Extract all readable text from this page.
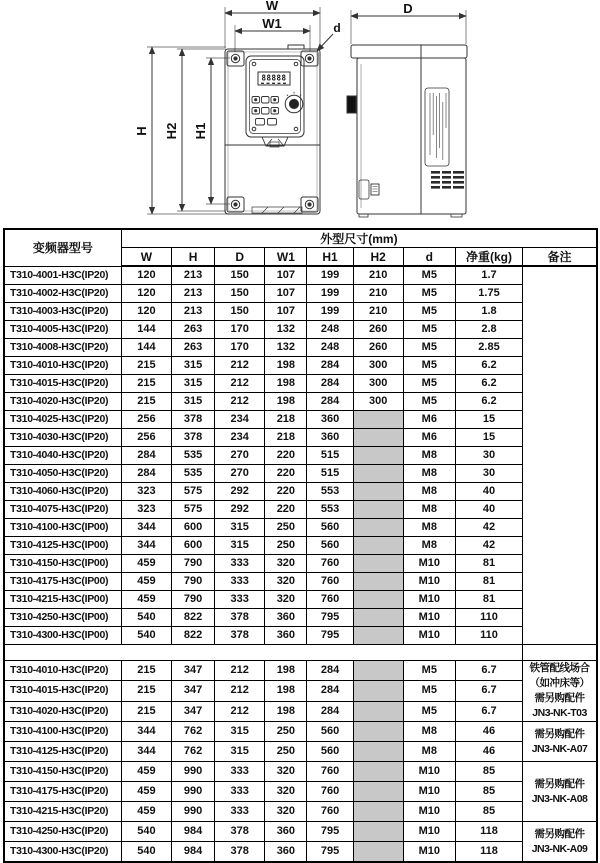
W
W1	d
H H2 H1
88888
D
变频器型号	外型尺寸(mm)								
	W	H	D	W1	H1	H2	d	净重(kg)	备注
T310-4001-H3C(IP20)	120	213	150	107	199	210	M5	1.7	
T310-4002-H3C(IP20)	120	213	150	107	199	210	M5	1.75	
T310-4003-H3C(IP20)	120	213	150	107	199	210	M5	1.8	
T310-4005-H3C(IP20)	144	263	170	132	248	260	M5	2.8	
T310-4008-H3C(IP20)	144	263	170	132	248	260	M5	2.85	
T310-4010-H3C(IP20)	215	315	212	198	284	300	M5	6.2	
T310-4015-H3C(IP20)	215	315	212	198	284	300	M5	6.2	
T310-4020-H3C(IP20)	215	315	212	198	284	300	M5	6.2	
T310-4025-H3C(IP20)	256	378	234	218	360		M6	15	
T310-4030-H3C(IP20)	256	378	234	218	360		M6	15	
T310-4040-H3C(IP20)	284	535	270	220	515		M8	30	
T310-4050-H3C(IP20)	284	535	270	220	515		M8	30	
T310-4060-H3C(IP20)	323	575	292	220	553		M8	40	
T310-4075-H3C(IP20)	323	575	292	220	553		M8	40	
T310-4100-H3C(IP00)	344	600	315	250	560		M8	42	
T310-4125-H3C(IP00)	344	600	315	250	560		M8	42	
T310-4150-H3C(IP00)	459	790	333	320	760		M10	81	
T310-4175-H3C(IP00)	459	790	333	320	760		M10	81	
T310-4215-H3C(IP00)	459	790	333	320	760		M10	81	
T310-4250-H3C(IP00)	540	822	378	360	795		M10	110	
T310-4300-H3C(IP00)	540	822	378	360	795		M10	110	

T310-4010-H3C(IP20)	215	347	212	198	284		M5	6.7	铁管配线场合
（如冲床等）
需另购配件
JN3-NK-T03

T310-4015-H3C(IP20)	215	347	212	198	284		M5	6.7	
T310-4020-H3C(IP20)	215	347	212	198	284		M5	6.7	
T310-4100-H3C(IP20)	344	762	315	250	560		M8	46	需另购配件
JN3-NK-A07

T310-4125-H3C(IP20)	344	762	315	250	560		M8	46	
T310-4150-H3C(IP20)	459	990	333	320	760		M10	85	需另购配件
JN3-NK-A08

T310-4175-H3C(IP20)	459	990	333	320	760		M10	85	
T310-4215-H3C(IP20)	459	990	333	320	760		M10	85	
T310-4250-H3C(IP20)	540	984	378	360	795		M10	118	需另购配件
JN3-NK-A09

T310-4300-H3C(IP20)	540	984	378	360	795		M10	118	
